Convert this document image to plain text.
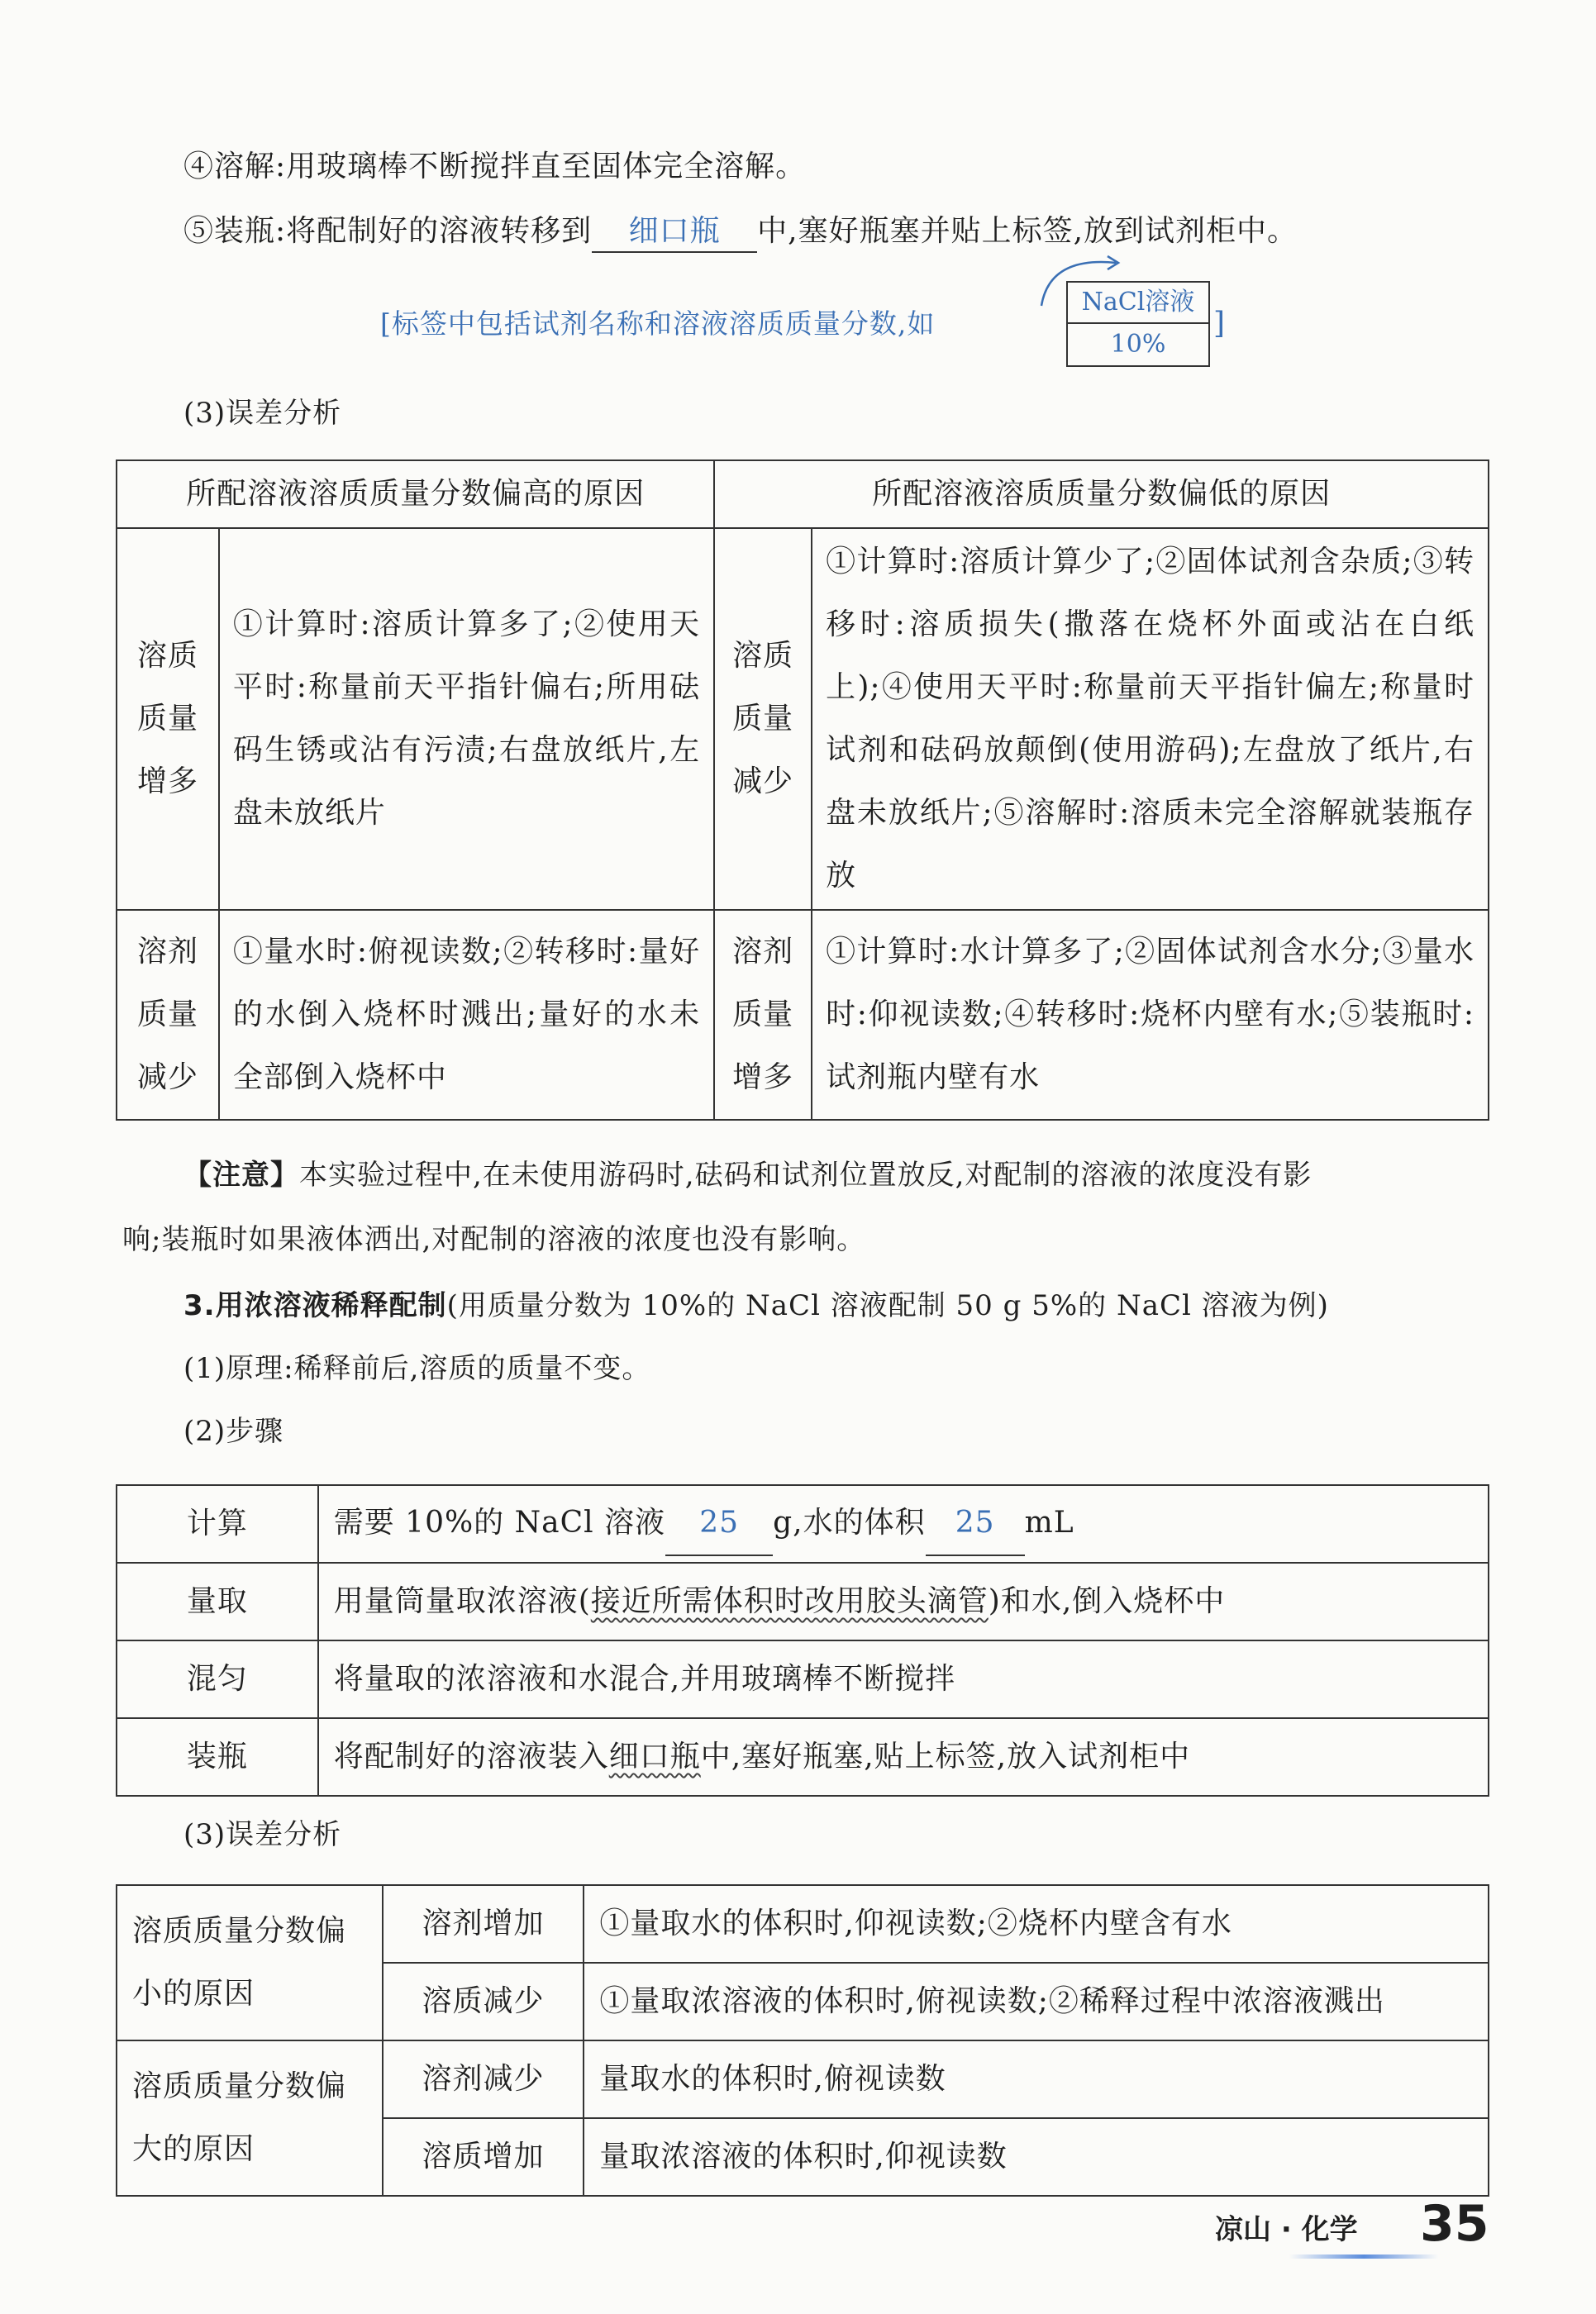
④溶解:用玻璃棒不断搅拌直至固体完全溶解。
⑤装瓶:将配制好的溶液转移到 细口瓶 中,塞好瓶塞并贴上标签,放到试剂柜中。
[标签中包括试剂名称和溶液溶质质量分数,如
NaCl溶液
10%
]
(3)误差分析
所配溶液溶质质量分数偏高的原因		所配溶液溶质质量分数偏低的原因	
溶质质量增多	①计算时:溶质计算多了;②使用天平时:称量前天平指针偏右;所用砝码生锈或沾有污渍;右盘放纸片,左盘未放纸片	溶质质量减少	①计算时:溶质计算少了;②固体试剂含杂质;③转移时:溶质损失(撒落在烧杯外面或沾在白纸上);④使用天平时:称量前天平指针偏左;称量时试剂和砝码放颠倒(使用游码);左盘放了纸片,右盘未放纸片;⑤溶解时:溶质未完全溶解就装瓶存放
溶剂质量减少	①量水时:俯视读数;②转移时:量好的水倒入烧杯时溅出;量好的水未全部倒入烧杯中	溶剂质量增多	①计算时:水计算多了;②固体试剂含水分;③量水时:仰视读数;④转移时:烧杯内壁有水;⑤装瓶时:试剂瓶内壁有水
【注意】本实验过程中,在未使用游码时,砝码和试剂位置放反,对配制的溶液的浓度没有影
响;装瓶时如果液体洒出,对配制的溶液的浓度也没有影响。
3.用浓溶液稀释配制(用质量分数为 10%的 NaCl 溶液配制 50 g 5%的 NaCl 溶液为例)
(1)原理:稀释前后,溶质的质量不变。
(2)步骤
计算	需要 10%的 NaCl 溶液 25 g,水的体积 25 mL
量取	用量筒量取浓溶液(接近所需体积时改用胶头滴管)和水,倒入烧杯中
混匀	将量取的浓溶液和水混合,并用玻璃棒不断搅拌
装瓶	将配制好的溶液装入细口瓶中,塞好瓶塞,贴上标签,放入试剂柜中
(3)误差分析
溶质质量分数偏小的原因	溶剂增加	①量取水的体积时,仰视读数;②烧杯内壁含有水
	溶质减少	①量取浓溶液的体积时,俯视读数;②稀释过程中浓溶液溅出
溶质质量分数偏大的原因	溶剂减少	量取水的体积时,俯视读数
	溶质增加	量取浓溶液的体积时,仰视读数
凉山 · 化学 35
